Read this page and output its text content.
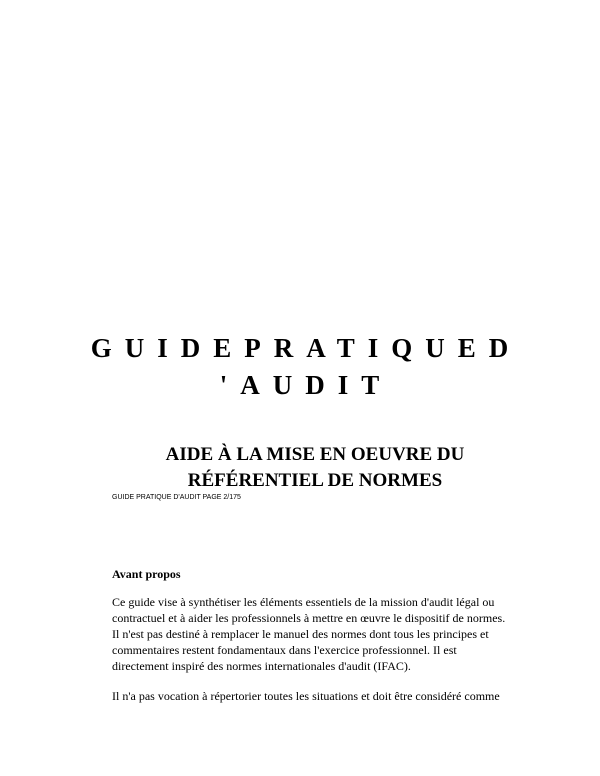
GUIDEPRATIQUED
'AUDIT
AIDE À LA MISE EN OEUVRE DU
RÉFÉRENTIEL DE NORMES
GUIDE PRATIQUE D'AUDIT PAGE 2/175
Avant propos
Ce guide vise à synthétiser les éléments essentiels de la mission d'audit légal ou
contractuel et à aider les professionnels à mettre en œuvre le dispositif de normes.
Il n'est pas destiné à remplacer le manuel des normes dont tous les principes et
commentaires restent fondamentaux dans l'exercice professionnel. Il est
directement inspiré des normes internationales d'audit (IFAC).
Il n'a pas vocation à répertorier toutes les situations et doit être considéré comme
